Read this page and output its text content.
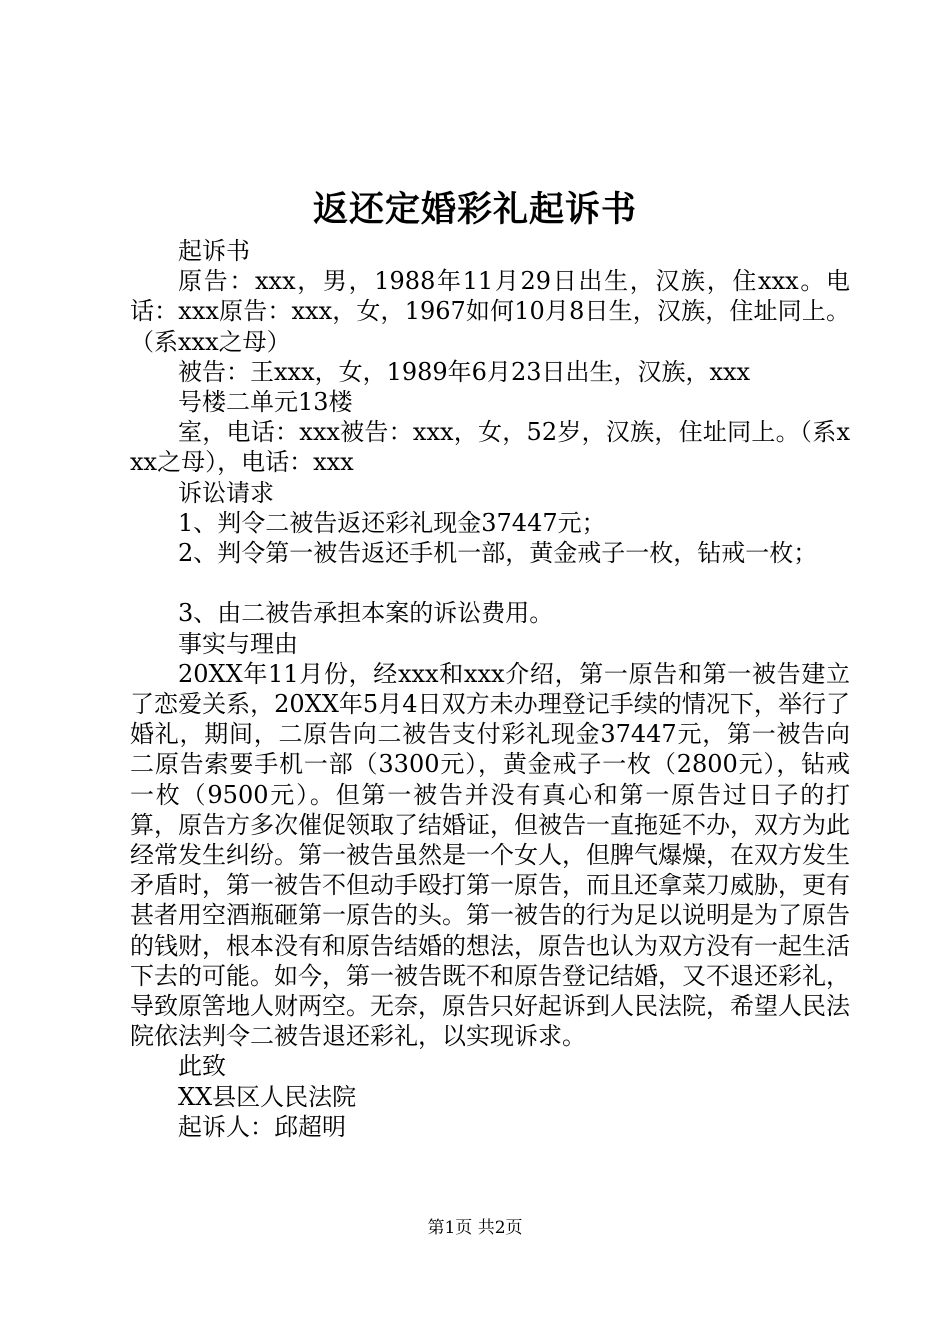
返还定婚彩礼起诉书

起诉书

原告：xxx，男，1988年11月29日出生，汉族，住xxx。电话：xxx原告：xxx，女，1967如何10月8日生，汉族，住址同上。（系xxx之母）

被告：王xxx，女，1989年6月23日出生，汉族，xxx

号楼二单元13楼

室，电话：xxx被告：xxx，女，52岁，汉族，住址同上。（系xxx之母），电话：xxx

诉讼请求

1、判令二被告返还彩礼现金37447元；

2、判令第一被告返还手机一部，黄金戒子一枚，钻戒一枚；

3、由二被告承担本案的诉讼费用。

事实与理由

20XX年11月份，经xxx和xxx介绍，第一原告和第一被告建立了恋爱关系，20XX年5月4日双方未办理登记手续的情况下，举行了婚礼，期间，二原告向二被告支付彩礼现金37447元，第一被告向二原告索要手机一部（3300元），黄金戒子一枚（2800元），钻戒一枚（9500元）。但第一被告并没有真心和第一原告过日子的打算，原告方多次催促领取了结婚证，但被告一直拖延不办，双方为此经常发生纠纷。第一被告虽然是一个女人，但脾气爆燥，在双方发生矛盾时，第一被告不但动手殴打第一原告，而且还拿菜刀威胁，更有甚者用空酒瓶砸第一原告的头。第一被告的行为足以说明是为了原告的钱财，根本没有和原告结婚的想法，原告也认为双方没有一起生活下去的可能。如今，第一被告既不和原告登记结婚，又不退还彩礼，导致原筈地人财两空。无奈，原告只好起诉到人民法院，希望人民法院依法判令二被告退还彩礼，以实现诉求。

此致

XX县区人民法院

起诉人：邱超明

第1页 共2页
